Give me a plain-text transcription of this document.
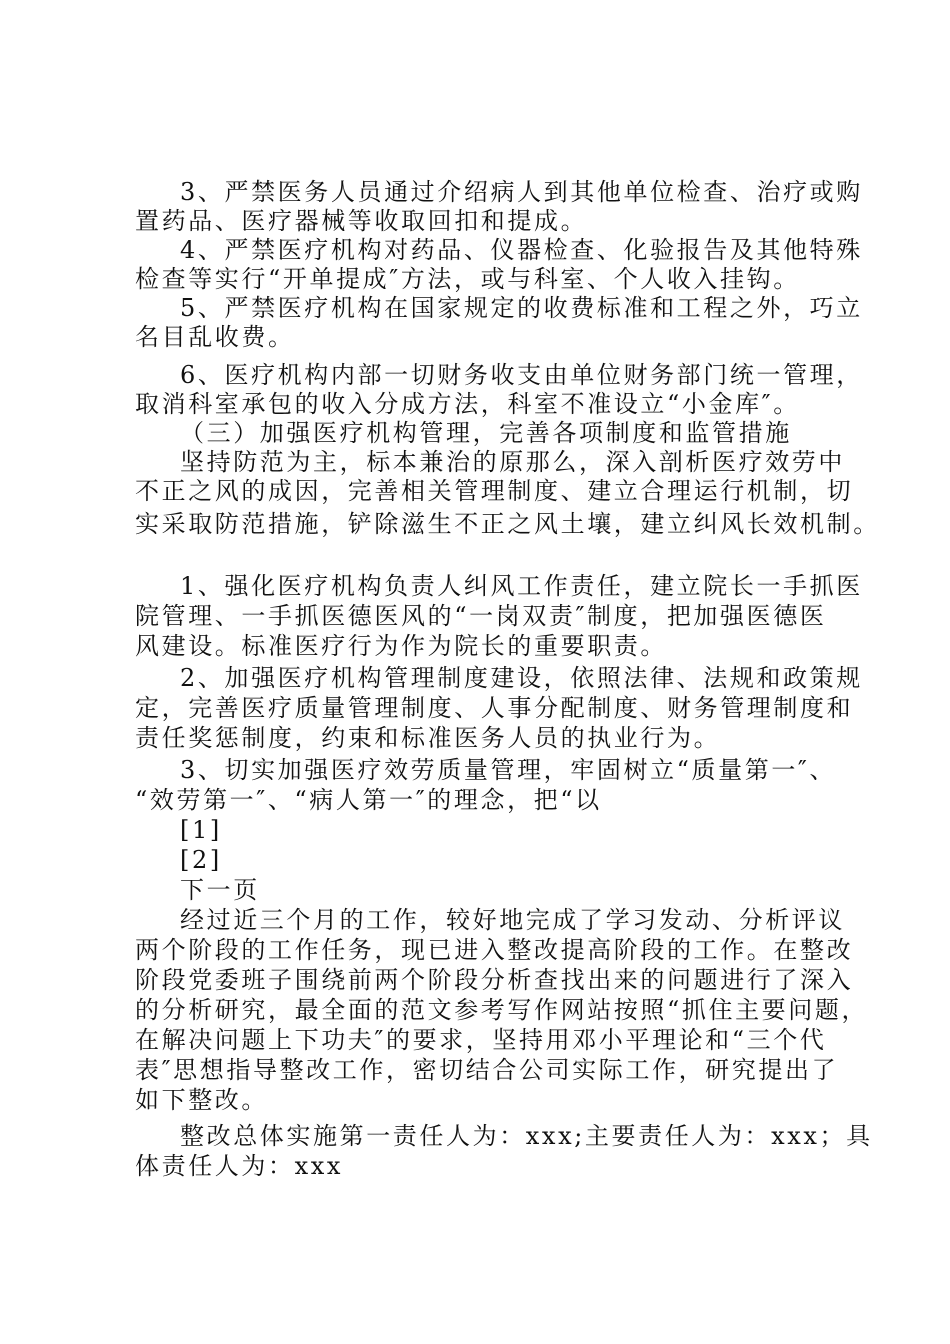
3、严禁医务人员通过介绍病人到其他单位检查、治疗或购
置药品、医疗器械等收取回扣和提成。
4、严禁医疗机构对药品、仪器检查、化验报告及其他特殊
检查等实行“开单提成″方法，或与科室、个人收入挂钩。
5、严禁医疗机构在国家规定的收费标准和工程之外，巧立
名目乱收费。
6、医疗机构内部一切财务收支由单位财务部门统一管理，
取消科室承包的收入分成方法，科室不准设立“小金库″。
（三）加强医疗机构管理，完善各项制度和监管措施
坚持防范为主，标本兼治的原那么，深入剖析医疗效劳中
不正之风的成因，完善相关管理制度、建立合理运行机制，切
实采取防范措施，铲除滋生不正之风土壤，建立纠风长效机制。
1、强化医疗机构负责人纠风工作责任，建立院长一手抓医
院管理、一手抓医德医风的“一岗双责″制度，把加强医德医
风建设。标准医疗行为作为院长的重要职责。
2、加强医疗机构管理制度建设，依照法律、法规和政策规
定，完善医疗质量管理制度、人事分配制度、财务管理制度和
责任奖惩制度，约束和标准医务人员的执业行为。
3、切实加强医疗效劳质量管理，牢固树立“质量第一″、
“效劳第一″、“病人第一″的理念，把“以
[1]
[2]
下一页
经过近三个月的工作，较好地完成了学习发动、分析评议
两个阶段的工作任务，现已进入整改提高阶段的工作。在整改
阶段党委班子围绕前两个阶段分析查找出来的问题进行了深入
的分析研究，最全面的范文参考写作网站按照“抓住主要问题，
在解决问题上下功夫″的要求，坚持用邓小平理论和“三个代
表″思想指导整改工作，密切结合公司实际工作，研究提出了
如下整改。
整改总体实施第一责任人为：xxx;主要责任人为：xxx；具
体责任人为：xxx
